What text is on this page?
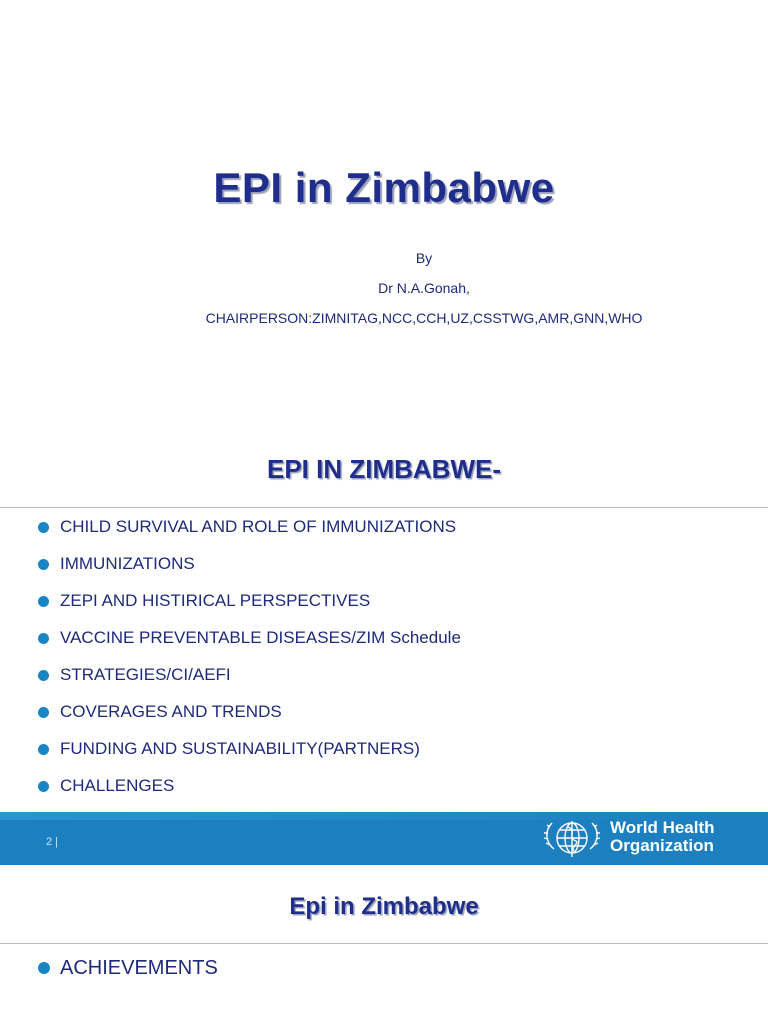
EPI in Zimbabwe
By
Dr N.A.Gonah,
CHAIRPERSON:ZIMNITAG,NCC,CCH,UZ,CSSTWG,AMR,GNN,WHO
EPI IN ZIMBABWE-
CHILD SURVIVAL AND ROLE OF IMMUNIZATIONS
IMMUNIZATIONS
ZEPI AND HISTIRICAL PERSPECTIVES
VACCINE PREVENTABLE DISEASES/ZIM Schedule
STRATEGIES/CI/AEFI
COVERAGES AND TRENDS
FUNDING AND SUSTAINABILITY(PARTNERS)
CHALLENGES
2 |
World Health
Organization
Epi in Zimbabwe
ACHIEVEMENTS
